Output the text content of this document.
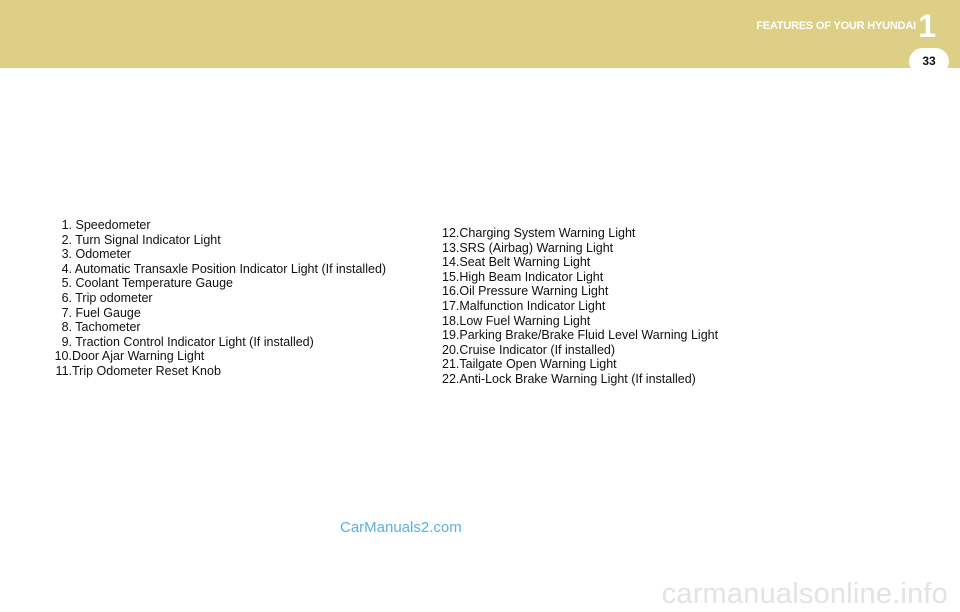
FEATURES OF YOUR HYUNDAI 1
33
1. Speedometer
2. Turn Signal Indicator Light
3. Odometer
4. Automatic Transaxle Position Indicator Light (If installed)
5. Coolant Temperature Gauge
6. Trip odometer
7. Fuel Gauge
8. Tachometer
9. Traction Control Indicator Light (If installed)
10.Door Ajar Warning Light
11.Trip Odometer Reset Knob
12.Charging System Warning Light
13.SRS (Airbag) Warning Light
14.Seat Belt Warning Light
15.High Beam Indicator Light
16.Oil Pressure Warning Light
17.Malfunction Indicator Light
18.Low Fuel Warning Light
19.Parking Brake/Brake Fluid Level Warning Light
20.Cruise Indicator (If installed)
21.Tailgate Open Warning Light
22.Anti-Lock Brake Warning Light (If installed)
CarManuals2.com
carmanualsonline.info
